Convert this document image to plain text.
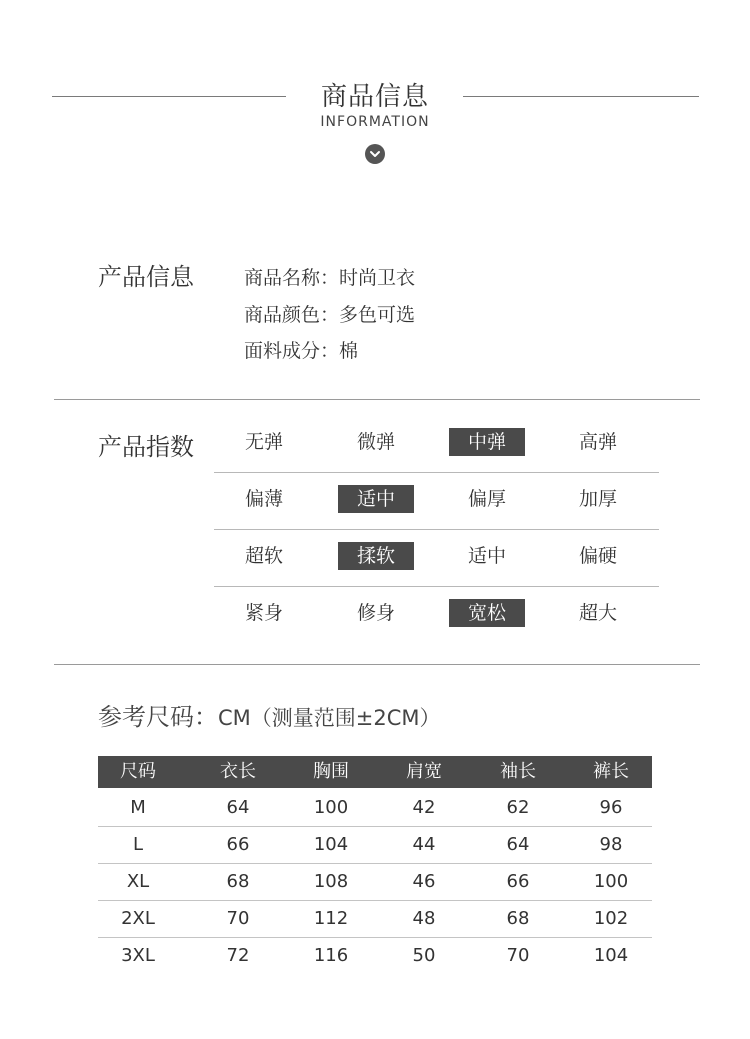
商品信息
INFORMATION
产品信息	商品名称：时尚卫衣
商品颜色：多色可选
面料成分：棉
产品指数	无弹	微弹	中弹	高弹
偏薄	适中	偏厚	加厚
超软	揉软	适中	偏硬
紧身	修身	宽松	超大
参考尺码：CM（测量范围±2CM）
尺码	衣长	胸围	肩宽	袖长	裤长
M	64	100	42	62	96
L	66	104	44	64	98
XL	68	108	46	66	100
2XL	70	112	48	68	102
3XL	72	116	50	70	104
